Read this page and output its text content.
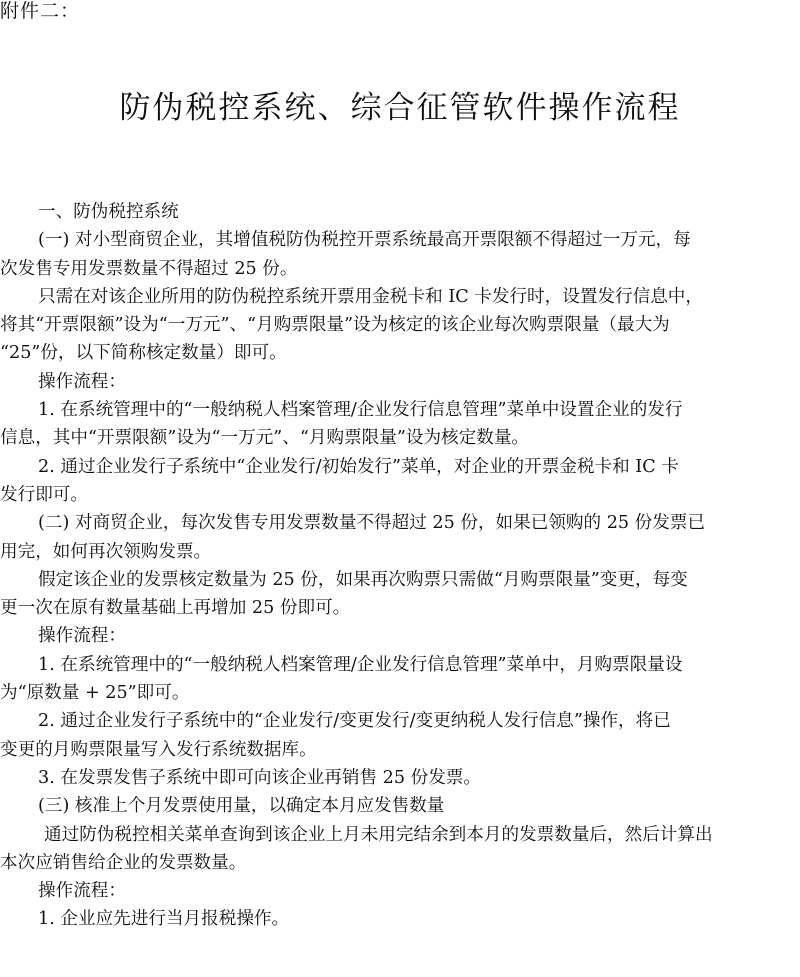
附件二：
防伪税控系统、综合征管软件操作流程
一、防伪税控系统
(一) 对小型商贸企业，其增值税防伪税控开票系统最高开票限额不得超过一万元，每
次发售专用发票数量不得超过 25 份。
只需在对该企业所用的防伪税控系统开票用金税卡和 IC 卡发行时，设置发行信息中，
将其“开票限额”设为“一万元”、“月购票限量”设为核定的该企业每次购票限量（最大为
“25”份，以下简称核定数量）即可。
操作流程：
1. 在系统管理中的“一般纳税人档案管理/企业发行信息管理”菜单中设置企业的发行
信息，其中“开票限额”设为“一万元”、“月购票限量”设为核定数量。
2. 通过企业发行子系统中“企业发行/初始发行”菜单，对企业的开票金税卡和 IC 卡
发行即可。
(二) 对商贸企业，每次发售专用发票数量不得超过 25 份，如果已领购的 25 份发票已
用完，如何再次领购发票。
假定该企业的发票核定数量为 25 份，如果再次购票只需做“月购票限量”变更，每变
更一次在原有数量基础上再增加 25 份即可。
操作流程：
1. 在系统管理中的“一般纳税人档案管理/企业发行信息管理”菜单中，月购票限量设
为“原数量 + 25”即可。
2. 通过企业发行子系统中的“企业发行/变更发行/变更纳税人发行信息”操作，将已
变更的月购票限量写入发行系统数据库。
3. 在发票发售子系统中即可向该企业再销售 25 份发票。
(三) 核准上个月发票使用量，以确定本月应发售数量
通过防伪税控相关菜单查询到该企业上月未用完结余到本月的发票数量后，然后计算出
本次应销售给企业的发票数量。
操作流程：
1. 企业应先进行当月报税操作。
